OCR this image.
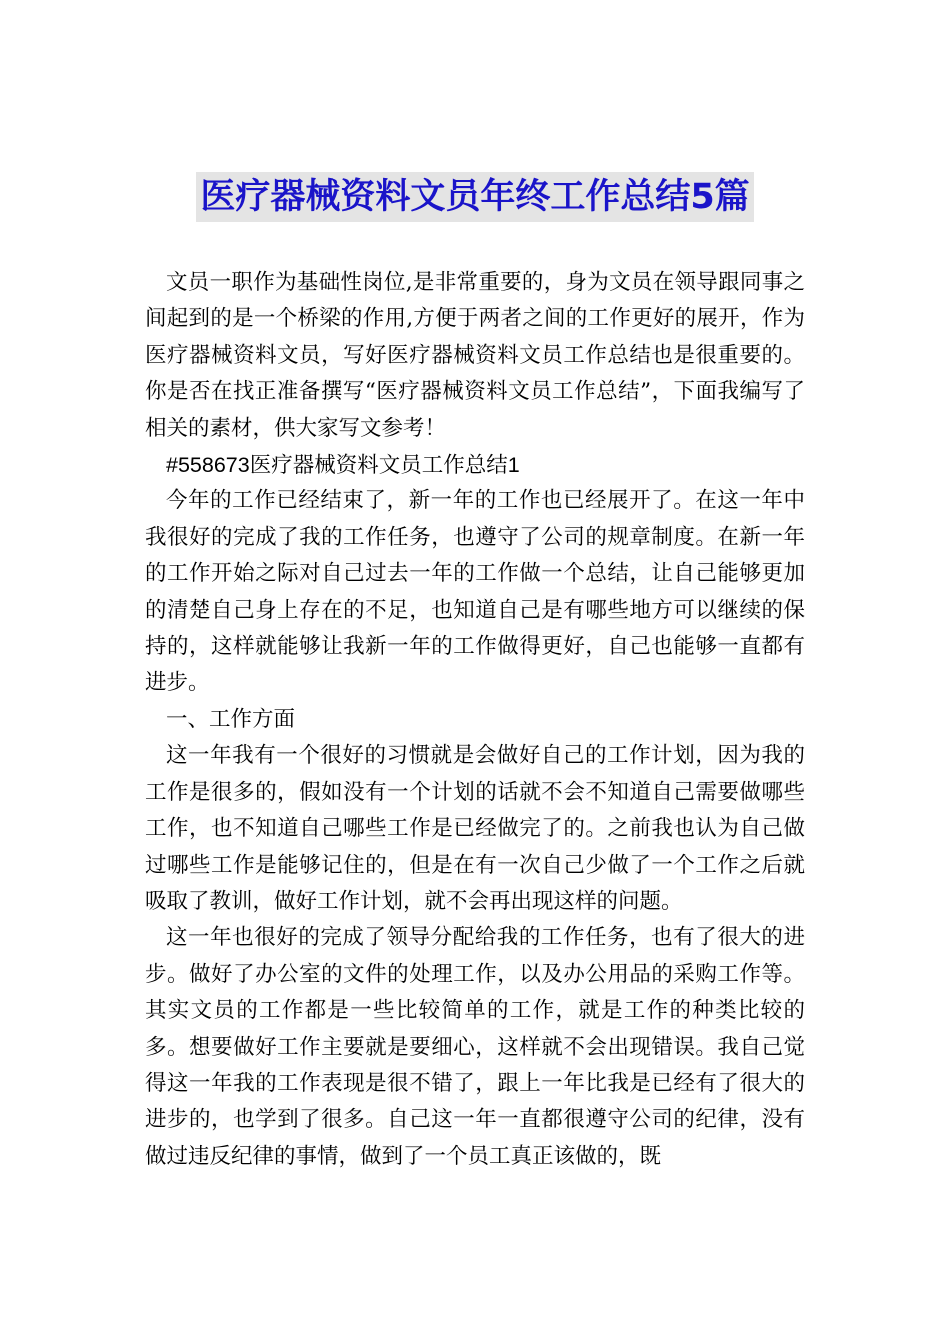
医疗器械资料文员年终工作总结5篇

文员一职作为基础性岗位,是非常重要的，身为文员在领导跟同事之间起到的是一个桥梁的作用,方便于两者之间的工作更好的展开，作为医疗器械资料文员，写好医疗器械资料文员工作总结也是很重要的。你是否在找正准备撰写“医疗器械资料文员工作总结”，下面我编写了相关的素材，供大家写文参考！

#558673医疗器械资料文员工作总结1

今年的工作已经结束了，新一年的工作也已经展开了。在这一年中我很好的完成了我的工作任务，也遵守了公司的规章制度。在新一年的工作开始之际对自己过去一年的工作做一个总结，让自己能够更加的清楚自己身上存在的不足，也知道自己是有哪些地方可以继续的保持的，这样就能够让我新一年的工作做得更好，自己也能够一直都有进步。

一、工作方面

这一年我有一个很好的习惯就是会做好自己的工作计划，因为我的工作是很多的，假如没有一个计划的话就不会不知道自己需要做哪些工作，也不知道自己哪些工作是已经做完了的。之前我也认为自己做过哪些工作是能够记住的，但是在有一次自己少做了一个工作之后就吸取了教训，做好工作计划，就不会再出现这样的问题。

这一年也很好的完成了领导分配给我的工作任务，也有了很大的进步。做好了办公室的文件的处理工作，以及办公用品的采购工作等。其实文员的工作都是一些比较简单的工作，就是工作的种类比较的多。想要做好工作主要就是要细心，这样就不会出现错误。我自己觉得这一年我的工作表现是很不错了，跟上一年比我是已经有了很大的进步的，也学到了很多。自己这一年一直都很遵守公司的纪律，没有做过违反纪律的事情，做到了一个员工真正该做的，既
